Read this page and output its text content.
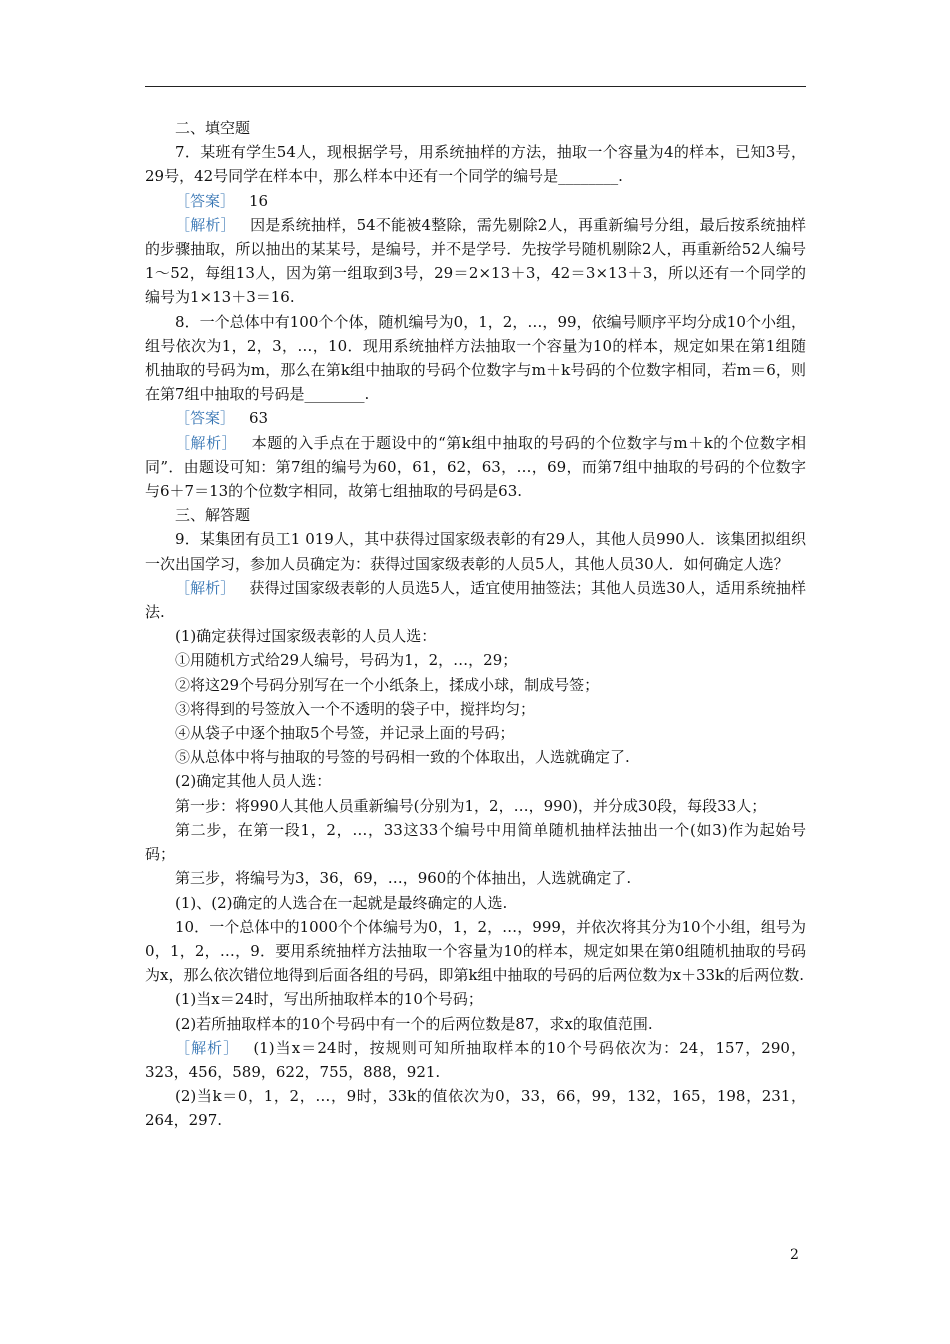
二、填空题

7．某班有学生54人，现根据学号，用系统抽样的方法，抽取一个容量为4的样本，已知3号，29号，42号同学在样本中，那么样本中还有一个同学的编号是________.

［答案］ 16

［解析］ 因是系统抽样，54不能被4整除，需先剔除2人，再重新编号分组，最后按系统抽样的步骤抽取，所以抽出的某某号，是编号，并不是学号．先按学号随机剔除2人，再重新给52人编号1～52，每组13人，因为第一组取到3号，29＝2×13＋3，42＝3×13＋3，所以还有一个同学的编号为1×13＋3＝16.

8．一个总体中有100个个体，随机编号为0，1，2，…，99，依编号顺序平均分成10个小组，组号依次为1，2，3，…，10．现用系统抽样方法抽取一个容量为10的样本，规定如果在第1组随机抽取的号码为m，那么在第k组中抽取的号码个位数字与m＋k号码的个位数字相同，若m＝6，则在第7组中抽取的号码是________.

［答案］ 63

［解析］ 本题的入手点在于题设中的“第k组中抽取的号码的个位数字与m＋k的个位数字相同”．由题设可知：第7组的编号为60，61，62，63，…，69，而第7组中抽取的号码的个位数字与6＋7＝13的个位数字相同，故第七组抽取的号码是63.

三、解答题

9．某集团有员工1 019人，其中获得过国家级表彰的有29人，其他人员990人．该集团拟组织一次出国学习，参加人员确定为：获得过国家级表彰的人员5人，其他人员30人．如何确定人选？

［解析］ 获得过国家级表彰的人员选5人，适宜使用抽签法；其他人员选30人，适用系统抽样法.

(1)确定获得过国家级表彰的人员人选：

①用随机方式给29人编号，号码为1，2，…，29；

②将这29个号码分别写在一个小纸条上，揉成小球，制成号签；

③将得到的号签放入一个不透明的袋子中，搅拌均匀；

④从袋子中逐个抽取5个号签，并记录上面的号码；

⑤从总体中将与抽取的号签的号码相一致的个体取出，人选就确定了.

(2)确定其他人员人选：

第一步：将990人其他人员重新编号(分别为1，2，…，990)，并分成30段，每段33人；

第二步，在第一段1，2，…，33这33个编号中用简单随机抽样法抽出一个(如3)作为起始号码；

第三步，将编号为3，36，69，…，960的个体抽出，人选就确定了.

(1)、(2)确定的人选合在一起就是最终确定的人选.

10．一个总体中的1000个个体编号为0，1，2，…，999，并依次将其分为10个小组，组号为0，1，2，…，9．要用系统抽样方法抽取一个容量为10的样本，规定如果在第0组随机抽取的号码为x，那么依次错位地得到后面各组的号码，即第k组中抽取的号码的后两位数为x＋33k的后两位数.

(1)当x＝24时，写出所抽取样本的10个号码；

(2)若所抽取样本的10个号码中有一个的后两位数是87，求x的取值范围.

［解析］ (1)当x＝24时，按规则可知所抽取样本的10个号码依次为：24，157，290，323，456，589，622，755，888，921.

(2)当k＝0，1，2，…，9时，33k的值依次为0，33，66，99，132，165，198，231，264，297.

2
